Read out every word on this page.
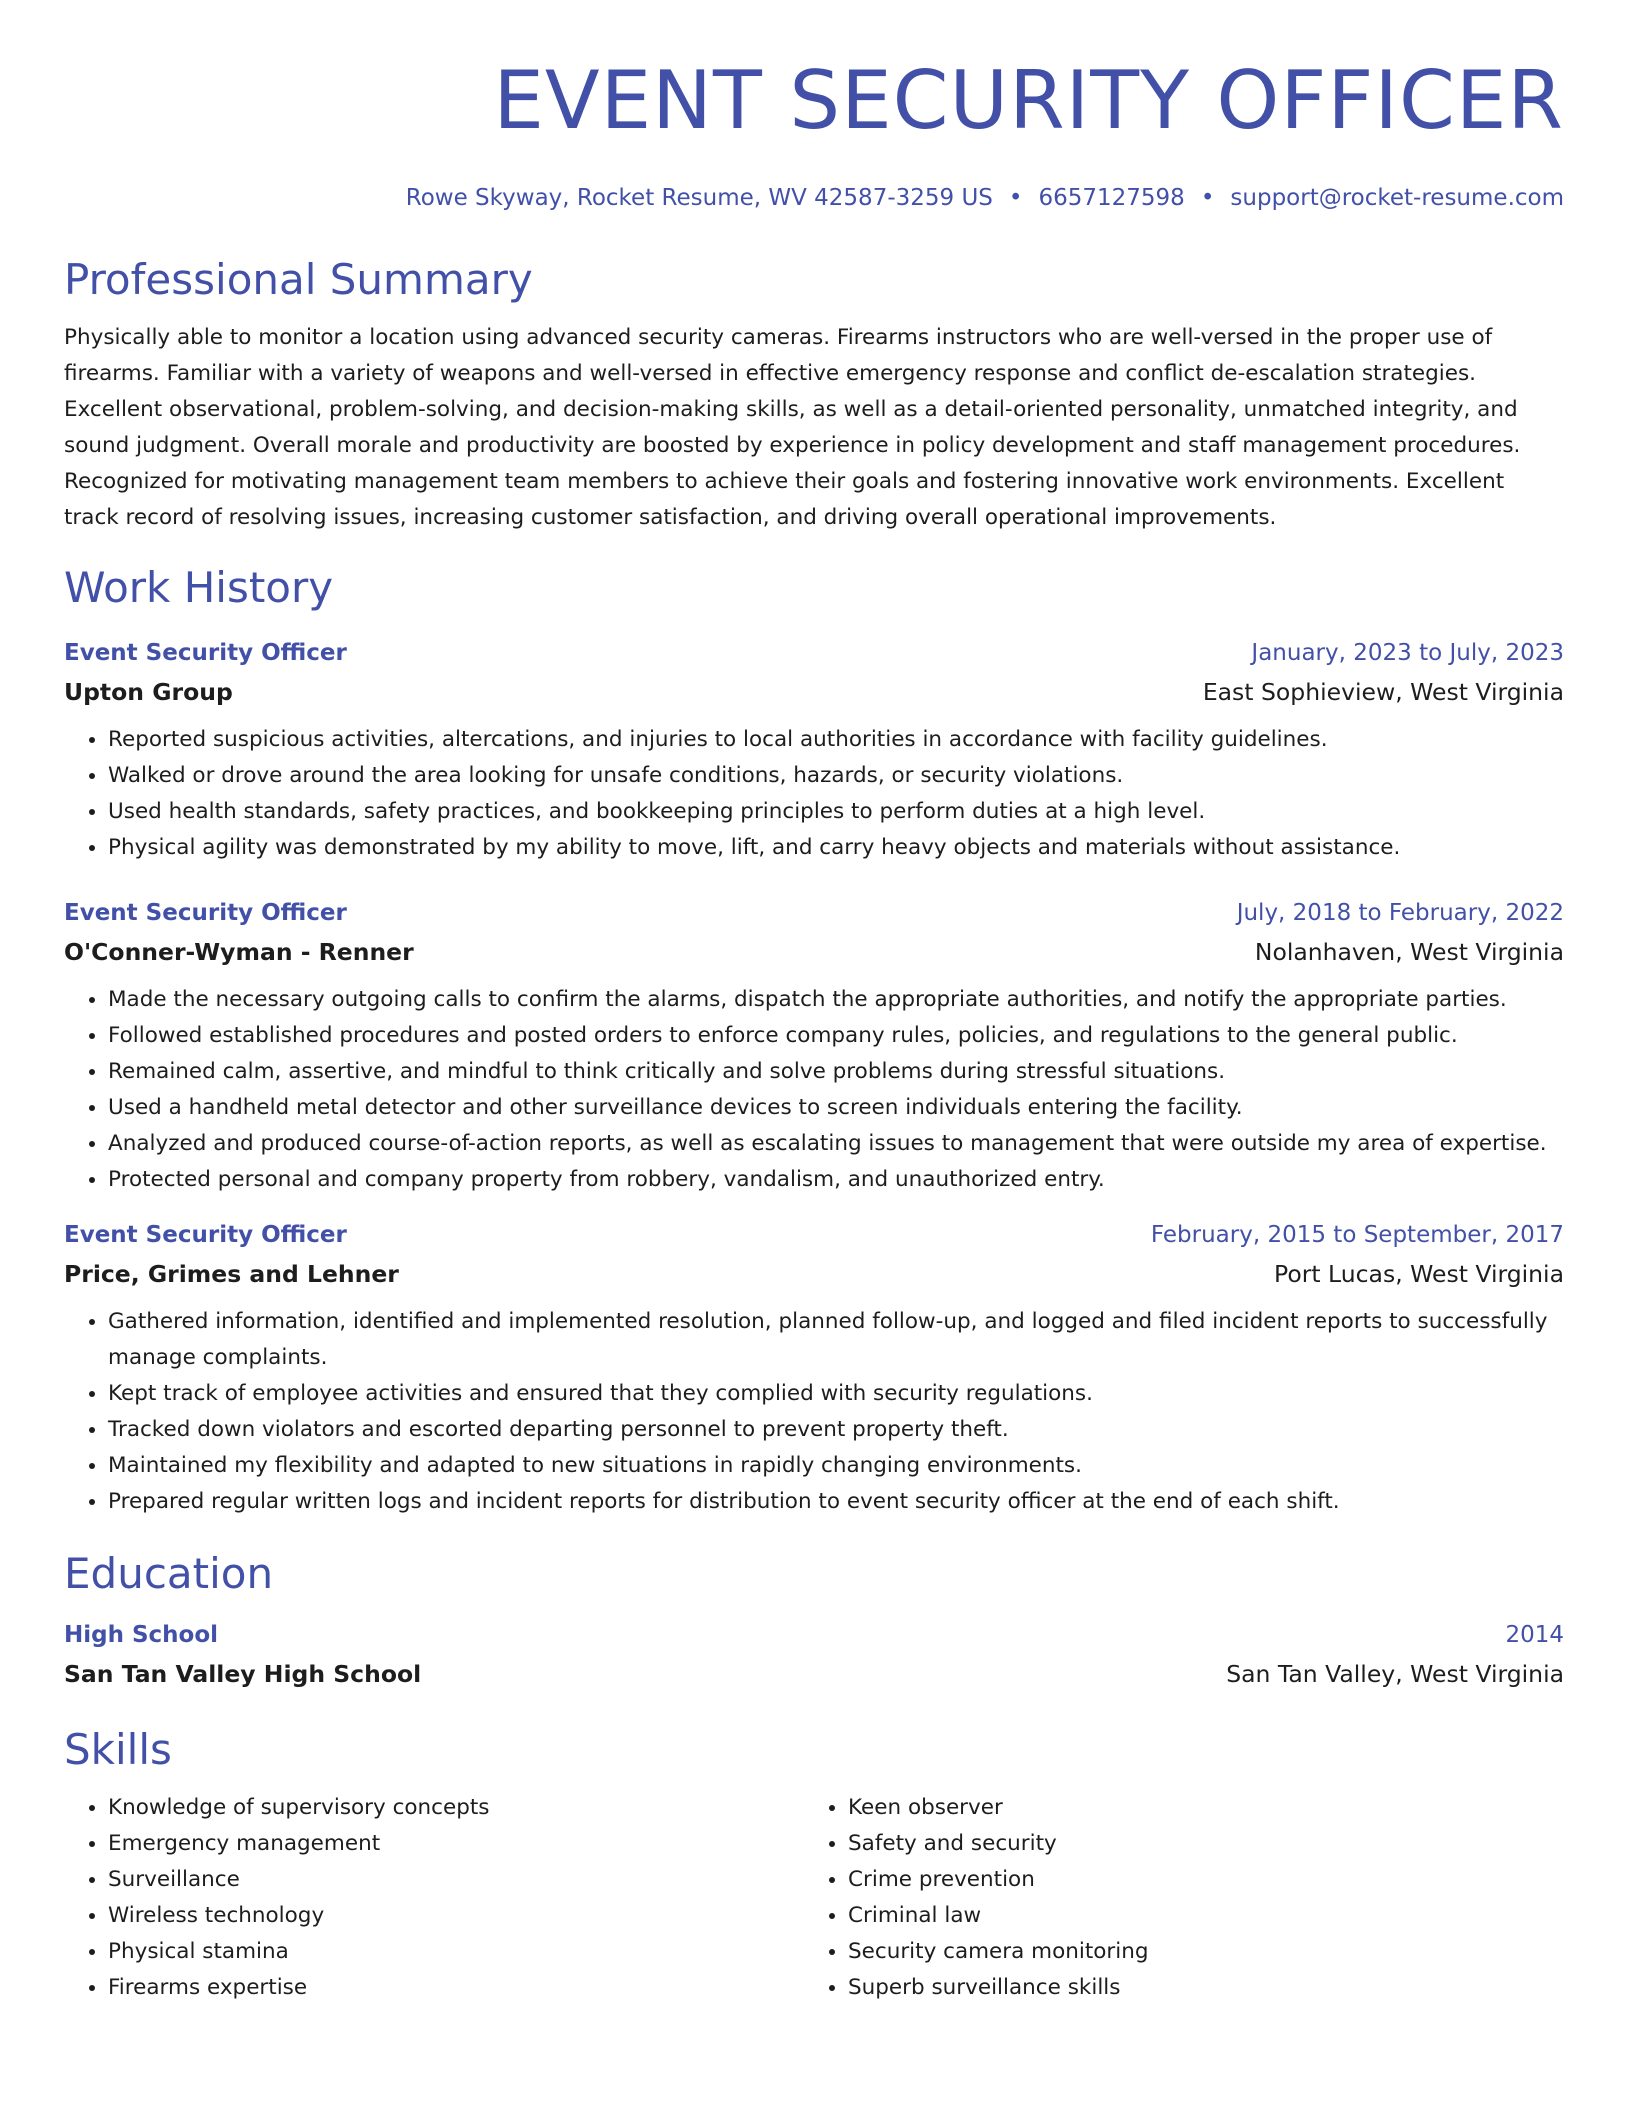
EVENT SECURITY OFFICER
Rowe Skyway, Rocket Resume, WV 42587-3259 US • 6657127598 • support@rocket-resume.com
Professional Summary

Physically able to monitor a location using advanced security cameras. Firearms instructors who are well-versed in the proper use of firearms. Familiar with a variety of weapons and well-versed in effective emergency response and conflict de-escalation strategies. Excellent observational, problem-solving, and decision-making skills, as well as a detail-oriented personality, unmatched integrity, and sound judgment. Overall morale and productivity are boosted by experience in policy development and staff management procedures. Recognized for motivating management team members to achieve their goals and fostering innovative work environments. Excellent track record of resolving issues, increasing customer satisfaction, and driving overall operational improvements.

Work History
Event Security Officer	January, 2023 to July, 2023
Upton Group	East Sophieview, West Virginia
• Reported suspicious activities, altercations, and injuries to local authorities in accordance with facility guidelines.
• Walked or drove around the area looking for unsafe conditions, hazards, or security violations.
• Used health standards, safety practices, and bookkeeping principles to perform duties at a high level.
• Physical agility was demonstrated by my ability to move, lift, and carry heavy objects and materials without assistance.
Event Security Officer	July, 2018 to February, 2022
O'Conner-Wyman - Renner	Nolanhaven, West Virginia
• Made the necessary outgoing calls to confirm the alarms, dispatch the appropriate authorities, and notify the appropriate parties.
• Followed established procedures and posted orders to enforce company rules, policies, and regulations to the general public.
• Remained calm, assertive, and mindful to think critically and solve problems during stressful situations.
• Used a handheld metal detector and other surveillance devices to screen individuals entering the facility.
• Analyzed and produced course-of-action reports, as well as escalating issues to management that were outside my area of expertise.
• Protected personal and company property from robbery, vandalism, and unauthorized entry.
Event Security Officer	February, 2015 to September, 2017
Price, Grimes and Lehner	Port Lucas, West Virginia
• Gathered information, identified and implemented resolution, planned follow-up, and logged and filed incident reports to successfully manage complaints.
• Kept track of employee activities and ensured that they complied with security regulations.
• Tracked down violators and escorted departing personnel to prevent property theft.
• Maintained my flexibility and adapted to new situations in rapidly changing environments.
• Prepared regular written logs and incident reports for distribution to event security officer at the end of each shift.
Education
High School	2014
San Tan Valley High School	San Tan Valley, West Virginia
Skills
• Knowledge of supervisory concepts
• Emergency management
• Surveillance
• Wireless technology
• Physical stamina
• Firearms expertise
• Keen observer
• Safety and security
• Crime prevention
• Criminal law
• Security camera monitoring
• Superb surveillance skills
